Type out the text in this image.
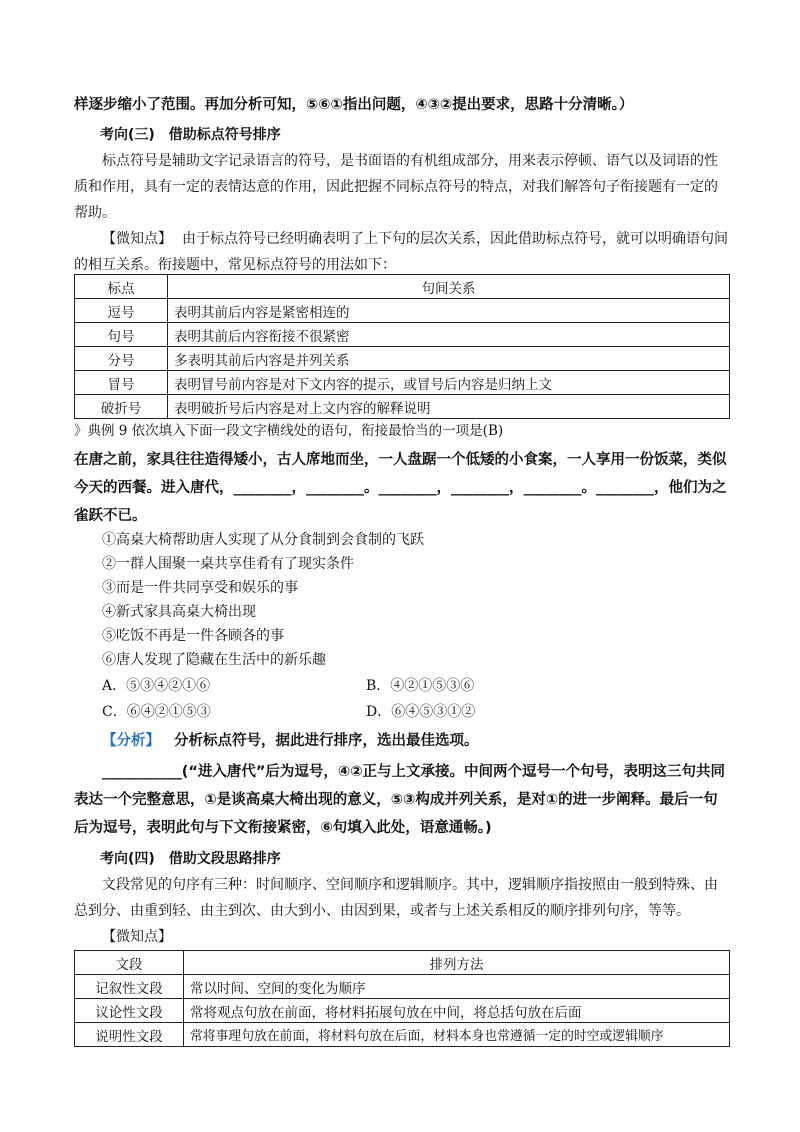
样逐步缩小了范围。再加分析可知，⑤⑥①指出问题，④③②提出要求，思路十分清晰。）
考向(三)　借助标点符号排序
标点符号是辅助文字记录语言的符号，是书面语的有机组成部分，用来表示停顿、语气以及词语的性质和作用，具有一定的表情达意的作用，因此把握不同标点符号的特点，对我们解答句子衔接题有一定的帮助。
【微知点】 由于标点符号已经明确表明了上下句的层次关系，因此借助标点符号，就可以明确语句间的相互关系。衔接题中，常见标点符号的用法如下：
标点	句间关系
逗号	表明其前后内容是紧密相连的
句号	表明其前后内容衔接不很紧密
分号	多表明其前后内容是并列关系
冒号	表明冒号前内容是对下文内容的提示，或冒号后内容是归纳上文
破折号	表明破折号后内容是对上文内容的解释说明
》典例 9 依次填入下面一段文字横线处的语句，衔接最恰当的一项是(B)
在唐之前，家具往往造得矮小，古人席地而坐，一人盘踞一个低矮的小食案，一人享用一份饭菜，类似今天的西餐。进入唐代，________，________。________，________，________。________，他们为之雀跃不已。
①高桌大椅帮助唐人实现了从分食制到会食制的飞跃
②一群人围聚一桌共享佳肴有了现实条件
③而是一件共同享受和娱乐的事
④新式家具高桌大椅出现
⑤吃饭不再是一件各顾各的事
⑥唐人发现了隐藏在生活中的新乐趣
A．⑤③④②①⑥	B．④②①⑤③⑥
C．⑥④②①⑤③	D．⑥④⑤③①②
【分析】 分析标点符号，据此进行排序，选出最佳选项。
___________(“进入唐代”后为逗号，④②正与上文承接。中间两个逗号一个句号，表明这三句共同表达一个完整意思，①是谈高桌大椅出现的意义，⑤③构成并列关系，是对①的进一步阐释。最后一句后为逗号，表明此句与下文衔接紧密，⑥句填入此处，语意通畅。)
考向(四)　借助文段思路排序
文段常见的句序有三种：时间顺序、空间顺序和逻辑顺序。其中，逻辑顺序指按照由一般到特殊、由总到分、由重到轻、由主到次、由大到小、由因到果，或者与上述关系相反的顺序排列句序，等等。
【微知点】
文段	排列方法
记叙性文段	常以时间、空间的变化为顺序
议论性文段	常将观点句放在前面，将材料拓展句放在中间，将总括句放在后面
说明性文段	常将事理句放在前面，将材料句放在后面，材料本身也常遵循一定的时空或逻辑顺序
